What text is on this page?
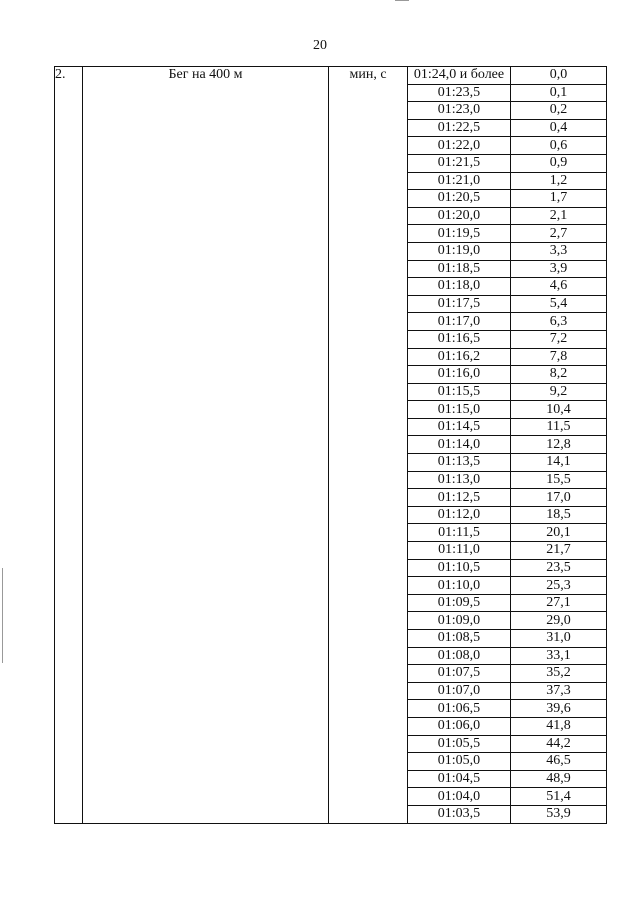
20
2.	Бег на 400 м	мин, с	01:24,0 и более	0,0
			01:23,5	0,1
			01:23,0	0,2
			01:22,5	0,4
			01:22,0	0,6
			01:21,5	0,9
			01:21,0	1,2
			01:20,5	1,7
			01:20,0	2,1
			01:19,5	2,7
			01:19,0	3,3
			01:18,5	3,9
			01:18,0	4,6
			01:17,5	5,4
			01:17,0	6,3
			01:16,5	7,2
			01:16,2	7,8
			01:16,0	8,2
			01:15,5	9,2
			01:15,0	10,4
			01:14,5	11,5
			01:14,0	12,8
			01:13,5	14,1
			01:13,0	15,5
			01:12,5	17,0
			01:12,0	18,5
			01:11,5	20,1
			01:11,0	21,7
			01:10,5	23,5
			01:10,0	25,3
			01:09,5	27,1
			01:09,0	29,0
			01:08,5	31,0
			01:08,0	33,1
			01:07,5	35,2
			01:07,0	37,3
			01:06,5	39,6
			01:06,0	41,8
			01:05,5	44,2
			01:05,0	46,5
			01:04,5	48,9
			01:04,0	51,4
			01:03,5	53,9
